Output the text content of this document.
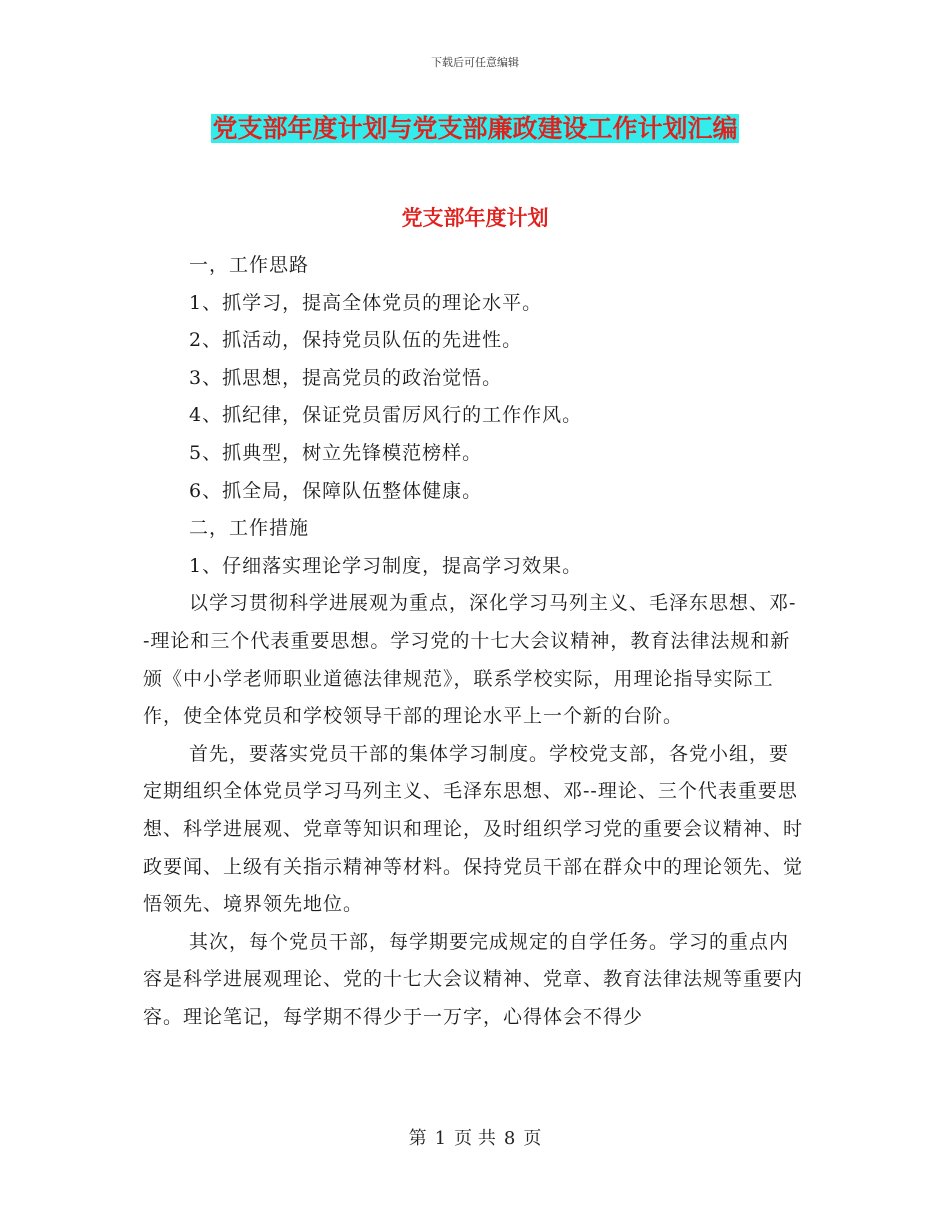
下载后可任意编辑
党支部年度计划与党支部廉政建设工作计划汇编
党支部年度计划

一，工作思路

1、抓学习，提高全体党员的理论水平。

2、抓活动，保持党员队伍的先进性。

3、抓思想，提高党员的政治觉悟。

4、抓纪律，保证党员雷厉风行的工作作风。

5、抓典型，树立先锋模范榜样。

6、抓全局，保障队伍整体健康。

二，工作措施

1、仔细落实理论学习制度，提高学习效果。

以学习贯彻科学进展观为重点，深化学习马列主义、毛泽东思想、邓--理论和三个代表重要思想。学习党的十七大会议精神，教育法律法规和新颁《中小学老师职业道德法律规范》，联系学校实际，用理论指导实际工作，使全体党员和学校领导干部的理论水平上一个新的台阶。

首先，要落实党员干部的集体学习制度。学校党支部，各党小组，要定期组织全体党员学习马列主义、毛泽东思想、邓--理论、三个代表重要思想、科学进展观、党章等知识和理论，及时组织学习党的重要会议精神、时政要闻、上级有关指示精神等材料。保持党员干部在群众中的理论领先、觉悟领先、境界领先地位。

其次，每个党员干部，每学期要完成规定的自学任务。学习的重点内容是科学进展观理论、党的十七大会议精神、党章、教育法律法规等重要内容。理论笔记，每学期不得少于一万字，心得体会不得少

第 1 页 共 8 页
